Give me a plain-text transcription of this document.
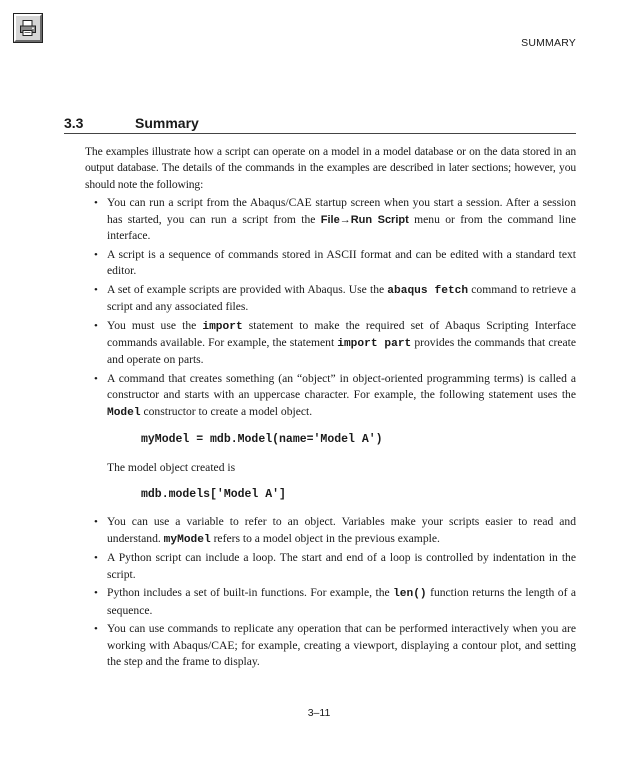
SUMMARY
3.3	Summary

The examples illustrate how a script can operate on a model in a model database or on the data stored in an output database. The details of the commands in the examples are described in later sections; however, you should note the following:

• You can run a script from the Abaqus/CAE startup screen when you start a session. After a session has started, you can run a script from the File→Run Script menu or from the command line interface.
• A script is a sequence of commands stored in ASCII format and can be edited with a standard text editor.
• A set of example scripts are provided with Abaqus. Use the abaqus fetch command to retrieve a script and any associated files.
• You must use the import statement to make the required set of Abaqus Scripting Interface commands available. For example, the statement import part provides the commands that create and operate on parts.
• A command that creates something (an “object” in object-oriented programming terms) is called a constructor and starts with an uppercase character. For example, the following statement uses the Model constructor to create a model object.
myModel = mdb.Model(name='Model A')
The model object created is
mdb.models['Model A']
• You can use a variable to refer to an object. Variables make your scripts easier to read and understand. myModel refers to a model object in the previous example.
• A Python script can include a loop. The start and end of a loop is controlled by indentation in the script.
• Python includes a set of built-in functions. For example, the len() function returns the length of a sequence.
• You can use commands to replicate any operation that can be performed interactively when you are working with Abaqus/CAE; for example, creating a viewport, displaying a contour plot, and setting the step and the frame to display.
3–11
